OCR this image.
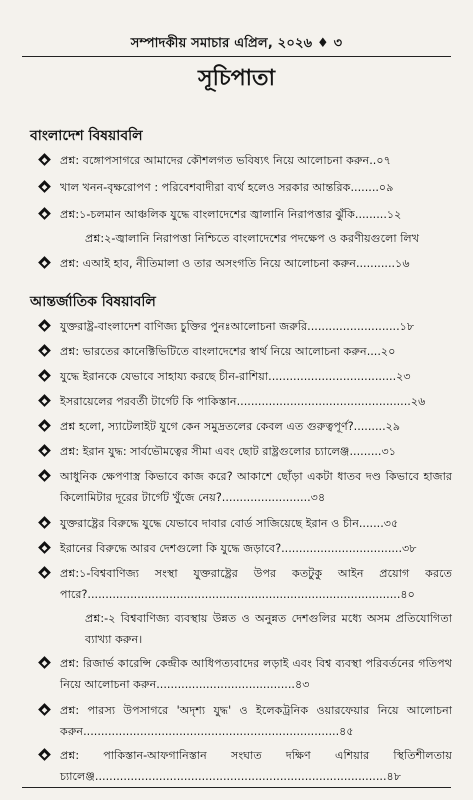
সম্পাদকীয় সমাচার এপ্রিল, ২০২৬ ♦ ৩
সূচিপাতা
বাংলাদেশ বিষয়াবলি
প্রশ্ন: বঙ্গোপসাগরে আমাদের কৌশলগত ভবিষ্যৎ নিয়ে আলোচনা করুন..০৭
খাল খনন-বৃক্ষরোপণ : পরিবেশবাদীরা ব্যর্থ হলেও সরকার আন্তরিক........০৯
প্রশ্ন:১-চলমান আঞ্চলিক যুদ্ধে বাংলাদেশের জ্বালানি নিরাপত্তার ঝুঁকি.........১২
প্রশ্ন:২-জ্বালানি নিরাপত্তা নিশ্চিতে বাংলাদেশের পদক্ষেপ ও করণীয়গুলো লিখ
প্রশ্ন: এআই হাব, নীতিমালা ও তার অসংগতি নিয়ে আলোচনা করুন...........১৬
আন্তর্জাতিক বিষয়াবলি
যুক্তরাষ্ট্র-বাংলাদেশ বাণিজ্য চুক্তির পুনঃআলোচনা জরুরি..........................১৮
প্রশ্ন: ভারতের কানেক্টিভিটিতে বাংলাদেশের স্বার্থ নিয়ে আলোচনা করুন....২০
যুদ্ধে ইরানকে যেভাবে সাহায্য করছে চীন-রাশিয়া....................................২৩
ইসরায়েলের পরবর্তী টার্গেট কি পাকিস্তান.................................................২৬
প্রশ্ন হলো, স্যাটেলাইট যুগে কেন সমুদ্রতলের কেবল এত গুরুত্বপূর্ণ?.........২৯
প্রশ্ন: ইরান যুদ্ধ: সার্বভৌমত্বের সীমা এবং ছোট রাষ্ট্রগুলোর চ্যালেঞ্জ.........৩১
আধুনিক ক্ষেপণাস্ত্র কিভাবে কাজ করে? আকাশে ছোঁড়া একটা ধাতব দণ্ড কিভাবে হাজার কিলোমিটার দূরের টার্গেট খুঁজে নেয়?.........................৩৪
যুক্তরাষ্ট্রের বিরুদ্ধে যুদ্ধে যেভাবে দাবার বোর্ড সাজিয়েছে ইরান ও চীন.......৩৫
ইরানের বিরুদ্ধে আরব দেশগুলো কি যুদ্ধে জড়াবে?..................................৩৮
প্রশ্ন:১-বিশ্ববাণিজ্য সংস্থা যুক্তরাষ্ট্রের উপর কতটুকু আইন প্রয়োগ করতে পারে?........................................................................................৪০
প্রশ্ন:-২ বিশ্ববাণিজ্য ব্যবস্থায় উন্নত ও অনুন্নত দেশগুলির মধ্যে অসম প্রতিযোগিতা ব্যাখ্যা করুন।
প্রশ্ন: রিজার্ভ কারেন্সি কেন্দ্রীক আধিপত্যবাদের লড়াই এবং বিশ্ব ব্যবস্থা পরিবর্তনের গতিপথ নিয়ে আলোচনা করুন.......................................৪৩
প্রশ্ন: পারস্য উপসাগরে 'অদৃশ্য যুদ্ধ' ও ইলেকট্রনিক ওয়ারফেয়ার নিয়ে আলোচনা করুন........................................................................৪৫
প্রশ্ন: পাকিস্তান-আফগানিস্তান সংঘাত দক্ষিণ এশিয়ার স্থিতিশীলতায় চ্যালেঞ্জ..................................................................................৪৮
